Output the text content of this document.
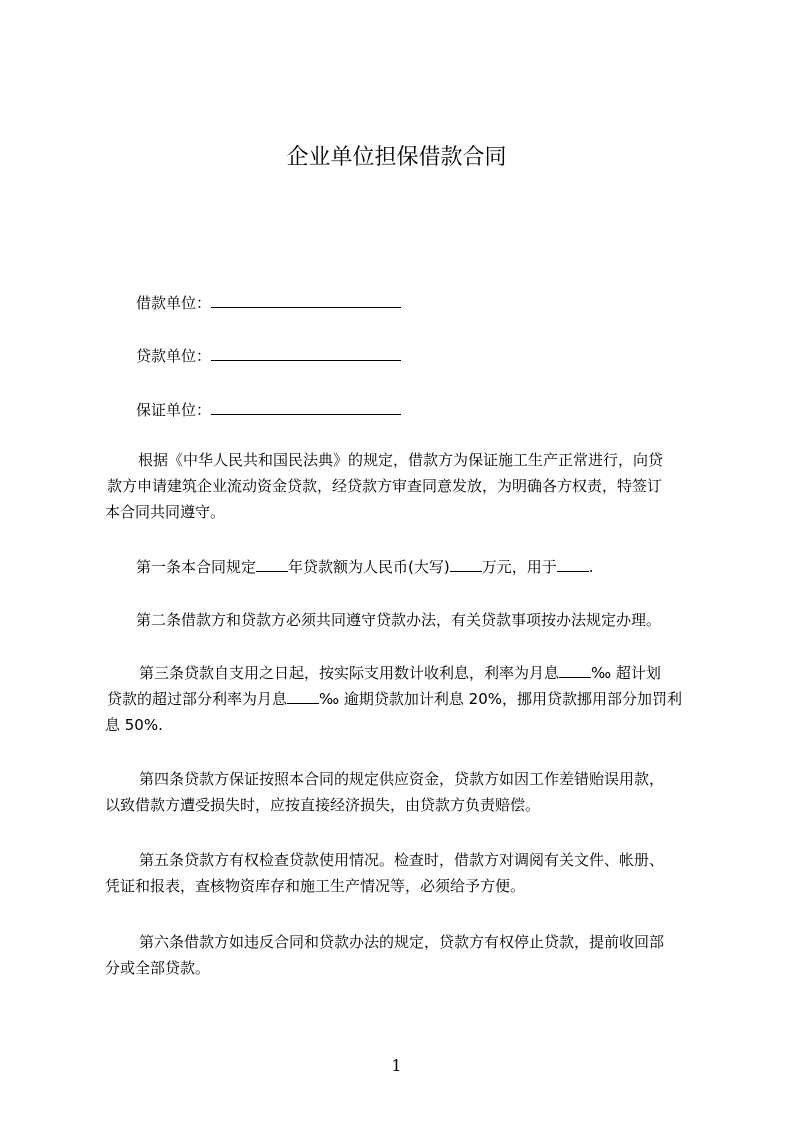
企业单位担保借款合同
借款单位：
贷款单位：
保证单位：
根据《中华人民共和国民法典》的规定，借款方为保证施工生产正常进行，向贷
款方申请建筑企业流动资金贷款，经贷款方审查同意发放，为明确各方权责，特签订
本合同共同遵守。
第一条本合同规定 年贷款额为人民币(大写) 万元，用于 .
第二条借款方和贷款方必须共同遵守贷款办法，有关贷款事项按办法规定办理。
第三条贷款自支用之日起，按实际支用数计收利息，利率为月息 ‰ 超计划
贷款的超过部分利率为月息 ‰ 逾期贷款加计利息 20%，挪用贷款挪用部分加罚利
息 50%.
第四条贷款方保证按照本合同的规定供应资金，贷款方如因工作差错贻误用款，
以致借款方遭受损失时，应按直接经济损失，由贷款方负责赔偿。
第五条贷款方有权检查贷款使用情况。检查时，借款方对调阅有关文件、帐册、
凭证和报表，查核物资库存和施工生产情况等，必须给予方便。
第六条借款方如违反合同和贷款办法的规定，贷款方有权停止贷款，提前收回部
分或全部贷款。
1
